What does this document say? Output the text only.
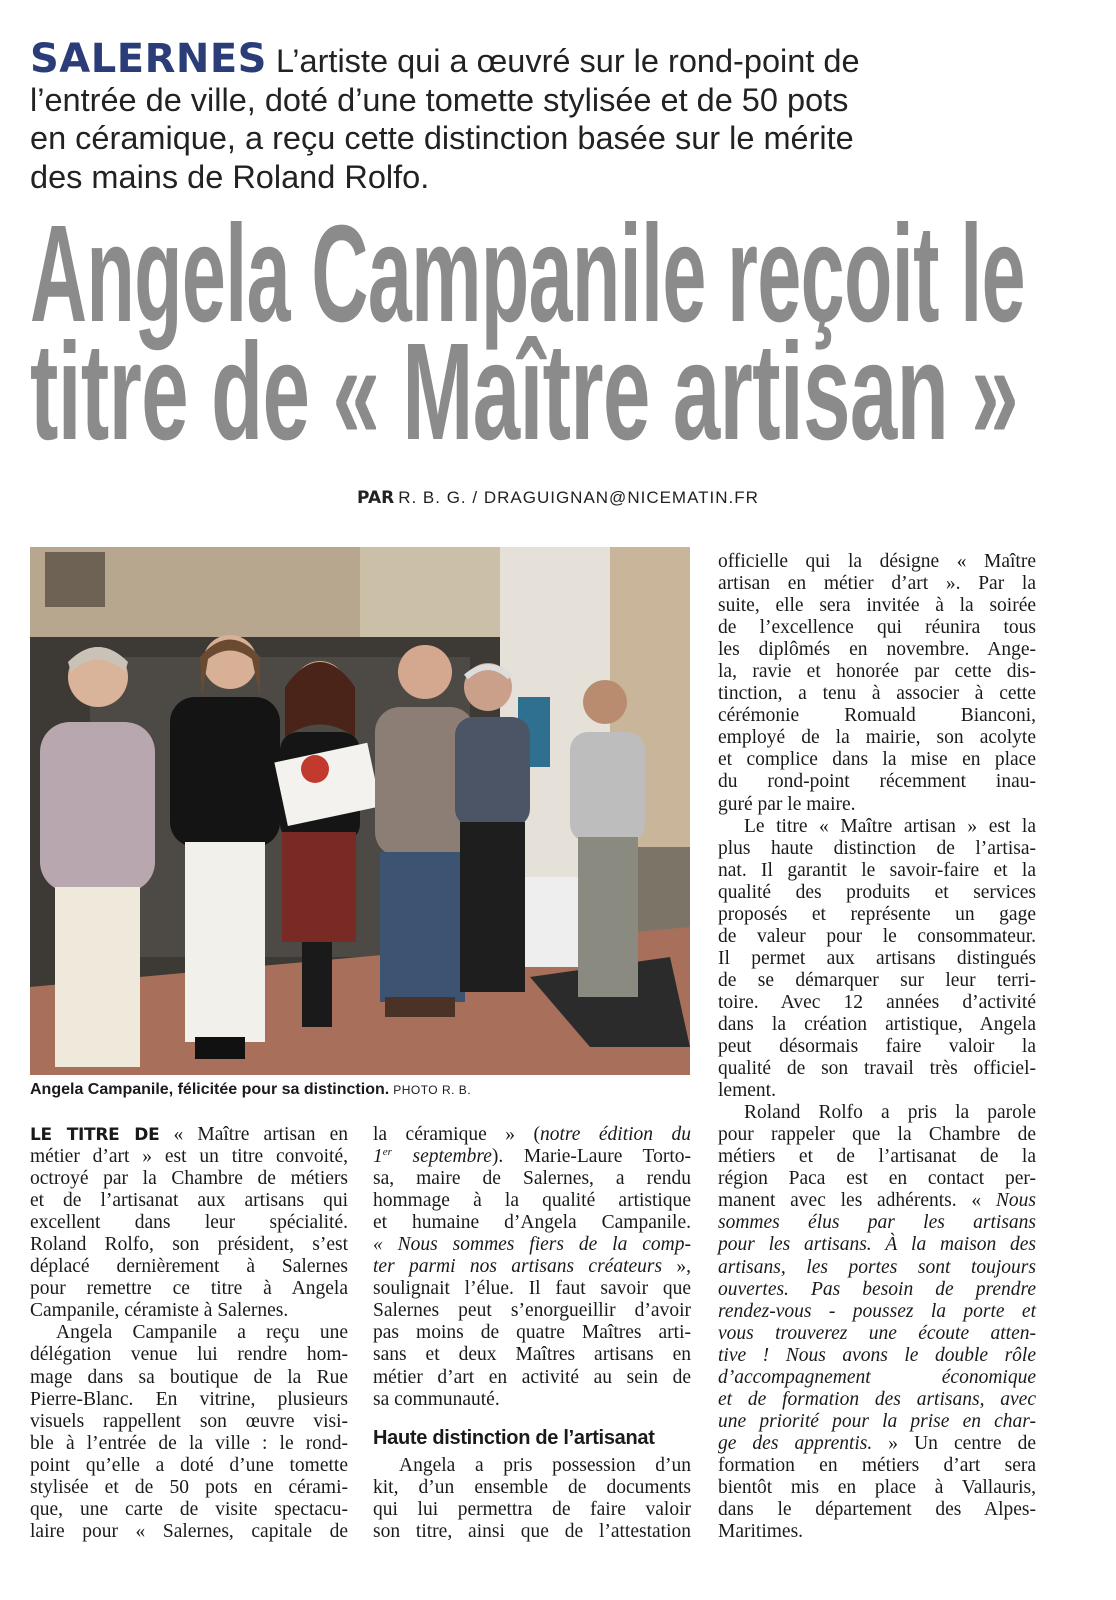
SALERNES L’artiste qui a œuvré sur le rond-point de
l’entrée de ville, doté d’une tomette stylisée et de 50 pots
en céramique, a reçu cette distinction basée sur le mérite
des mains de Roland Rolfo.
Angela Campanile reçoit le
titre de « Maître artisan »
PAR R. B. G. / DRAGUIGNAN@NICEMATIN.FR
Angela Campanile, félicitée pour sa distinction. PHOTO R. B.
LE TITRE DE « Maître artisan en
métier d’art » est un titre convoité,
octroyé par la Chambre de métiers
et de l’artisanat aux artisans qui
excellent dans leur spécialité.
Roland Rolfo, son président, s’est
déplacé dernièrement à Salernes
pour remettre ce titre à Angela
Campanile, céramiste à Salernes.
Angela Campanile a reçu une
délégation venue lui rendre hom-
mage dans sa boutique de la Rue
Pierre-Blanc. En vitrine, plusieurs
visuels rappellent son œuvre visi-
ble à l’entrée de la ville : le rond-
point qu’elle a doté d’une tomette
stylisée et de 50 pots en cérami-
que, une carte de visite spectacu-
laire pour « Salernes, capitale de
la céramique » (notre édition du
1er septembre). Marie-Laure Torto-
sa, maire de Salernes, a rendu
hommage à la qualité artistique
et humaine d’Angela Campanile.
« Nous sommes fiers de la comp-
ter parmi nos artisans créateurs »,
soulignait l’élue. Il faut savoir que
Salernes peut s’enorgueillir d’avoir
pas moins de quatre Maîtres arti-
sans et deux Maîtres artisans en
métier d’art en activité au sein de
sa communauté.
Haute distinction de l’artisanat
Angela a pris possession d’un
kit, d’un ensemble de documents
qui lui permettra de faire valoir
son titre, ainsi que de l’attestation
officielle qui la désigne « Maître
artisan en métier d’art ». Par la
suite, elle sera invitée à la soirée
de l’excellence qui réunira tous
les diplômés en novembre. Ange-
la, ravie et honorée par cette dis-
tinction, a tenu à associer à cette
cérémonie Romuald Bianconi,
employé de la mairie, son acolyte
et complice dans la mise en place
du rond-point récemment inau-
guré par le maire.
Le titre « Maître artisan » est la
plus haute distinction de l’artisa-
nat. Il garantit le savoir-faire et la
qualité des produits et services
proposés et représente un gage
de valeur pour le consommateur.
Il permet aux artisans distingués
de se démarquer sur leur terri-
toire. Avec 12 années d’activité
dans la création artistique, Angela
peut désormais faire valoir la
qualité de son travail très officiel-
lement.
Roland Rolfo a pris la parole
pour rappeler que la Chambre de
métiers et de l’artisanat de la
région Paca est en contact per-
manent avec les adhérents. « Nous
sommes élus par les artisans
pour les artisans. À la maison des
artisans, les portes sont toujours
ouvertes. Pas besoin de prendre
rendez-vous - poussez la porte et
vous trouverez une écoute atten-
tive ! Nous avons le double rôle
d’accompagnement économique
et de formation des artisans, avec
une priorité pour la prise en char-
ge des apprentis. » Un centre de
formation en métiers d’art sera
bientôt mis en place à Vallauris,
dans le département des Alpes-
Maritimes.
